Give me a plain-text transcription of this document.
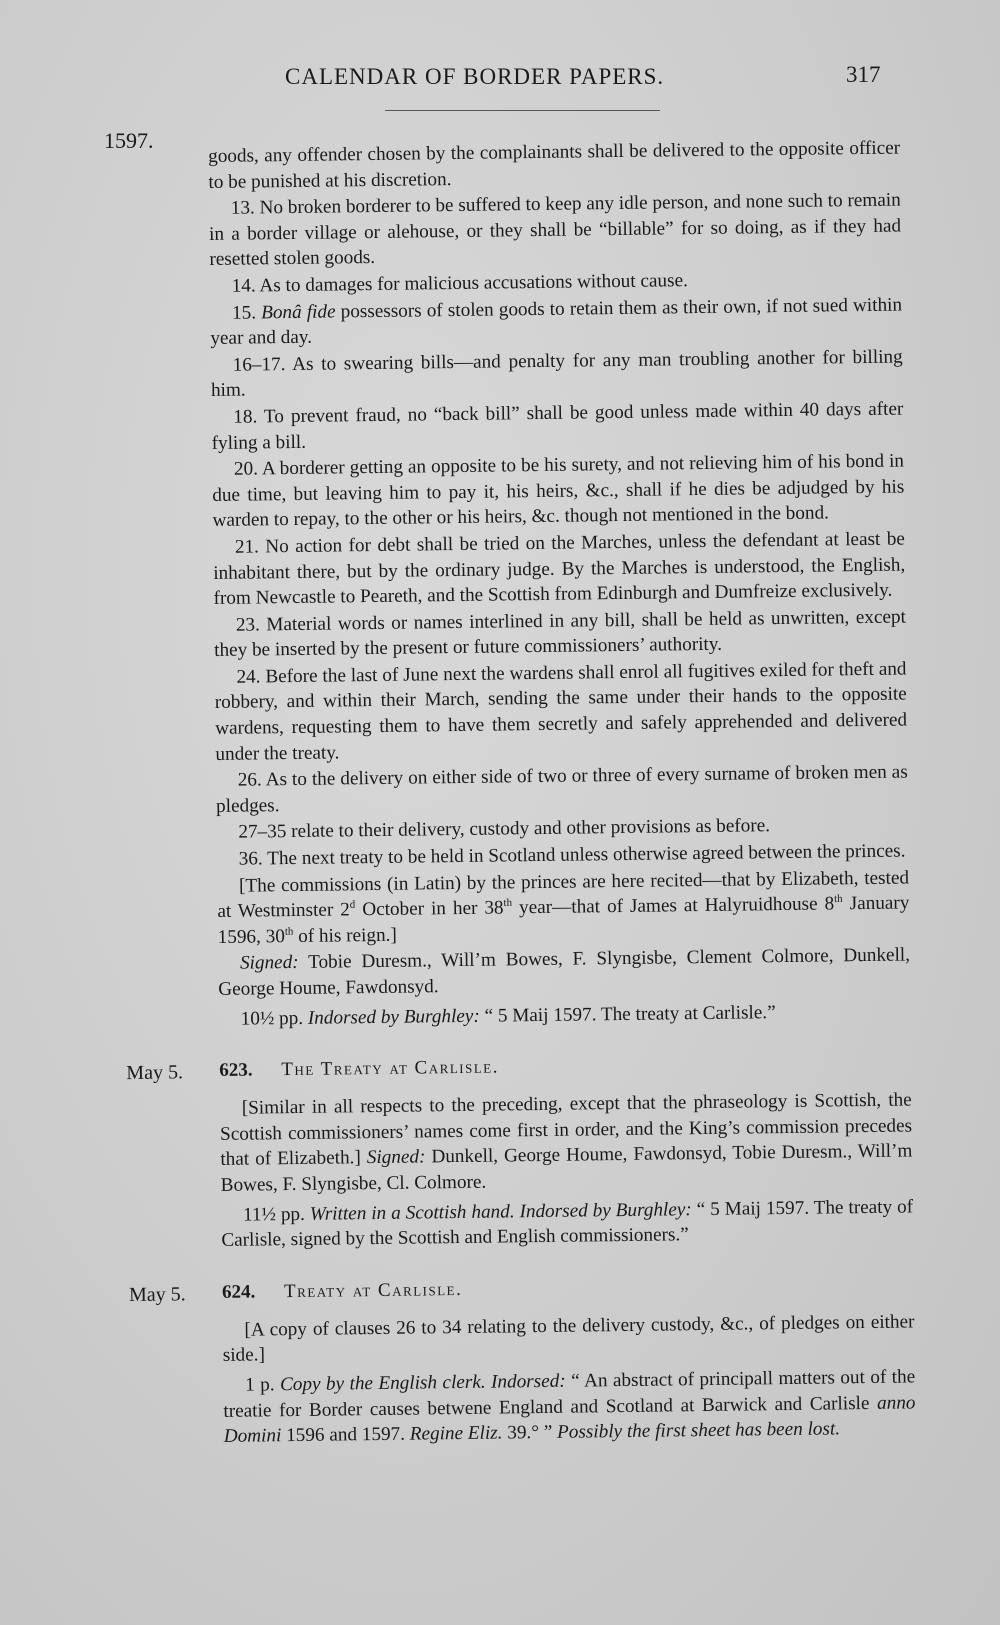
CALENDAR OF BORDER PAPERS.	317
1597.	goods, any offender chosen by the complainants shall be delivered to the opposite officer to be punished at his discretion.

13. No broken borderer to be suffered to keep any idle person, and none such to remain in a border village or alehouse, or they shall be “billable” for so doing, as if they had resetted stolen goods.

14. As to damages for malicious accusations without cause.

15. Bonâ fide possessors of stolen goods to retain them as their own, if not sued within year and day.

16–17. As to swearing bills—and penalty for any man troubling another for billing him.

18. To prevent fraud, no “back bill” shall be good unless made within 40 days after fyling a bill.

20. A borderer getting an opposite to be his surety, and not relieving him of his bond in due time, but leaving him to pay it, his heirs, &c., shall if he dies be adjudged by his warden to repay, to the other or his heirs, &c. though not mentioned in the bond.

21. No action for debt shall be tried on the Marches, unless the defendant at least be inhabitant there, but by the ordinary judge. By the Marches is understood, the English, from Newcastle to Peareth, and the Scottish from Edinburgh and Dumfreize exclusively.

23. Material words or names interlined in any bill, shall be held as unwritten, except they be inserted by the present or future commissioners’ authority.

24. Before the last of June next the wardens shall enrol all fugitives exiled for theft and robbery, and within their March, sending the same under their hands to the opposite wardens, requesting them to have them secretly and safely apprehended and delivered under the treaty.

26. As to the delivery on either side of two or three of every surname of broken men as pledges.

27–35 relate to their delivery, custody and other provisions as before.

36. The next treaty to be held in Scotland unless otherwise agreed between the princes.

[The commissions (in Latin) by the princes are here recited—that by Elizabeth, tested at Westminster 2$^d$ October in her 38th year—that of James at Halyruidhouse 8th January 1596, 30th of his reign.]

Signed: Tobie Duresm., Will’m Bowes, F. Slyngisbe, Clement Colmore, Dunkell, George Houme, Fawdonsyd.

10½ pp. Indorsed by Burghley: “ 5 Maij 1597. The treaty at Carlisle.”

May 5. 623. The Treaty at Carlisle.

[Similar in all respects to the preceding, except that the phraseology is Scottish, the Scottish commissioners’ names come first in order, and the King’s commission precedes that of Elizabeth.] Signed: Dunkell, George Houme, Fawdonsyd, Tobie Duresm., Will’m Bowes, F. Slyngisbe, Cl. Colmore.

11½ pp. Written in a Scottish hand. Indorsed by Burghley: “ 5 Maij 1597. The treaty of Carlisle, signed by the Scottish and English commissioners.”

May 5. 624. Treaty at Carlisle.

[A copy of clauses 26 to 34 relating to the delivery custody, &c., of pledges on either side.]

1 p. Copy by the English clerk. Indorsed: “ An abstract of principall matters out of the treatie for Border causes betwene England and Scotland at Barwick and Carlisle anno Domini 1596 and 1597. Regine Eliz. 39.° ” Possibly the first sheet has been lost.
